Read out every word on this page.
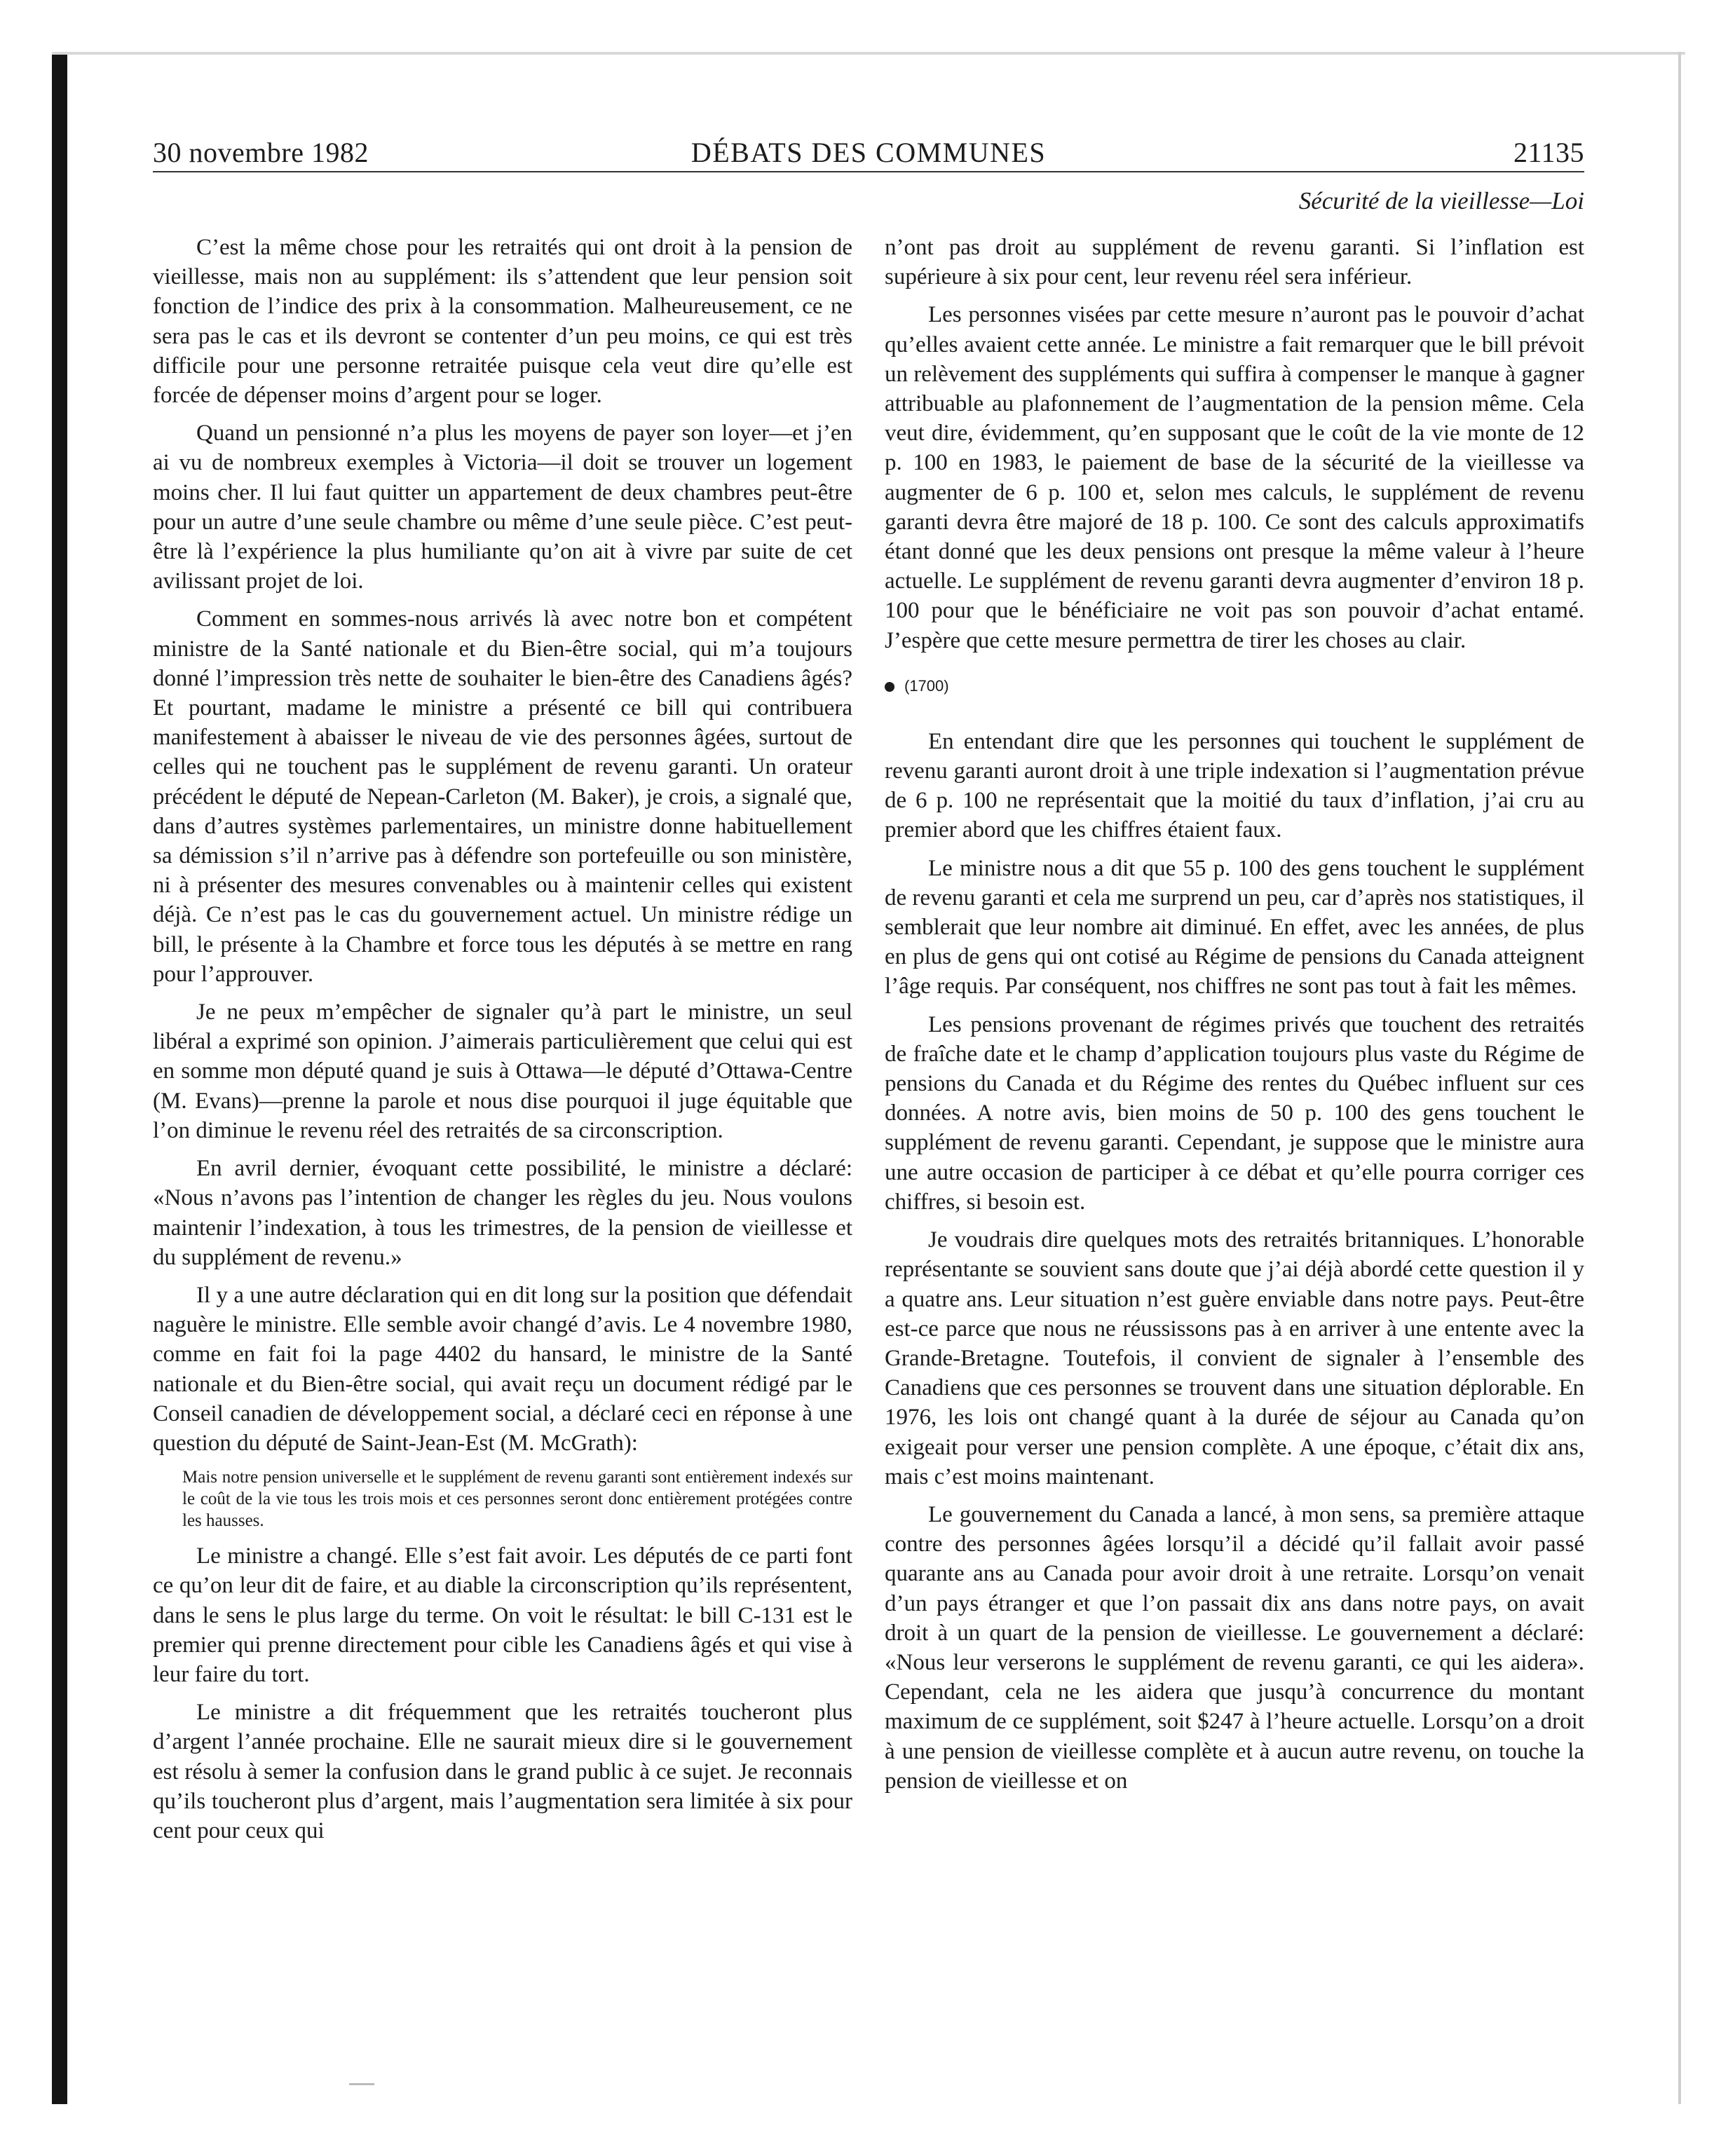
30 novembre 1982	DÉBATS DES COMMUNES	21135
Sécurité de la vieillesse—Loi

C’est la même chose pour les retraités qui ont droit à la pension de vieillesse, mais non au supplément: ils s’attendent que leur pension soit fonction de l’indice des prix à la consommation. Malheureusement, ce ne sera pas le cas et ils devront se contenter d’un peu moins, ce qui est très difficile pour une personne retraitée puisque cela veut dire qu’elle est forcée de dépenser moins d’argent pour se loger.

Quand un pensionné n’a plus les moyens de payer son loyer—et j’en ai vu de nombreux exemples à Victoria—il doit se trouver un logement moins cher. Il lui faut quitter un appartement de deux chambres peut-être pour un autre d’une seule chambre ou même d’une seule pièce. C’est peut-être là l’expérience la plus humiliante qu’on ait à vivre par suite de cet avilissant projet de loi.

Comment en sommes-nous arrivés là avec notre bon et compétent ministre de la Santé nationale et du Bien-être social, qui m’a toujours donné l’impression très nette de souhaiter le bien-être des Canadiens âgés? Et pourtant, madame le ministre a présenté ce bill qui contribuera manifestement à abaisser le niveau de vie des personnes âgées, surtout de celles qui ne touchent pas le supplément de revenu garanti. Un orateur précédent le député de Nepean-Carleton (M. Baker), je crois, a signalé que, dans d’autres systèmes parlementaires, un ministre donne habituellement sa démission s’il n’arrive pas à défendre son portefeuille ou son ministère, ni à présenter des mesures convenables ou à maintenir celles qui existent déjà. Ce n’est pas le cas du gouvernement actuel. Un ministre rédige un bill, le présente à la Chambre et force tous les députés à se mettre en rang pour l’approuver.

Je ne peux m’empêcher de signaler qu’à part le ministre, un seul libéral a exprimé son opinion. J’aimerais particulièrement que celui qui est en somme mon député quand je suis à Ottawa—le député d’Ottawa-Centre (M. Evans)—prenne la parole et nous dise pourquoi il juge équitable que l’on diminue le revenu réel des retraités de sa circonscription.

En avril dernier, évoquant cette possibilité, le ministre a déclaré: «Nous n’avons pas l’intention de changer les règles du jeu. Nous voulons maintenir l’indexation, à tous les trimestres, de la pension de vieillesse et du supplément de revenu.»

Il y a une autre déclaration qui en dit long sur la position que défendait naguère le ministre. Elle semble avoir changé d’avis. Le 4 novembre 1980, comme en fait foi la page 4402 du hansard, le ministre de la Santé nationale et du Bien-être social, qui avait reçu un document rédigé par le Conseil canadien de développement social, a déclaré ceci en réponse à une question du député de Saint-Jean-Est (M. McGrath):

Mais notre pension universelle et le supplément de revenu garanti sont entièrement indexés sur le coût de la vie tous les trois mois et ces personnes seront donc entièrement protégées contre les hausses.

Le ministre a changé. Elle s’est fait avoir. Les députés de ce parti font ce qu’on leur dit de faire, et au diable la circonscription qu’ils représentent, dans le sens le plus large du terme. On voit le résultat: le bill C-131 est le premier qui prenne directement pour cible les Canadiens âgés et qui vise à leur faire du tort.

Le ministre a dit fréquemment que les retraités toucheront plus d’argent l’année prochaine. Elle ne saurait mieux dire si le gouvernement est résolu à semer la confusion dans le grand public à ce sujet. Je reconnais qu’ils toucheront plus d’argent, mais l’augmentation sera limitée à six pour cent pour ceux qui

n’ont pas droit au supplément de revenu garanti. Si l’inflation est supérieure à six pour cent, leur revenu réel sera inférieur.

Les personnes visées par cette mesure n’auront pas le pouvoir d’achat qu’elles avaient cette année. Le ministre a fait remarquer que le bill prévoit un relèvement des suppléments qui suffira à compenser le manque à gagner attribuable au plafonnement de l’augmentation de la pension même. Cela veut dire, évidemment, qu’en supposant que le coût de la vie monte de 12 p. 100 en 1983, le paiement de base de la sécurité de la vieillesse va augmenter de 6 p. 100 et, selon mes calculs, le supplément de revenu garanti devra être majoré de 18 p. 100. Ce sont des calculs approximatifs étant donné que les deux pensions ont presque la même valeur à l’heure actuelle. Le supplément de revenu garanti devra augmenter d’environ 18 p. 100 pour que le bénéficiaire ne voit pas son pouvoir d’achat entamé. J’espère que cette mesure permettra de tirer les choses au clair.

(1700)

En entendant dire que les personnes qui touchent le supplément de revenu garanti auront droit à une triple indexation si l’augmentation prévue de 6 p. 100 ne représentait que la moitié du taux d’inflation, j’ai cru au premier abord que les chiffres étaient faux.

Le ministre nous a dit que 55 p. 100 des gens touchent le supplément de revenu garanti et cela me surprend un peu, car d’après nos statistiques, il semblerait que leur nombre ait diminué. En effet, avec les années, de plus en plus de gens qui ont cotisé au Régime de pensions du Canada atteignent l’âge requis. Par conséquent, nos chiffres ne sont pas tout à fait les mêmes.

Les pensions provenant de régimes privés que touchent des retraités de fraîche date et le champ d’application toujours plus vaste du Régime de pensions du Canada et du Régime des rentes du Québec influent sur ces données. A notre avis, bien moins de 50 p. 100 des gens touchent le supplément de revenu garanti. Cependant, je suppose que le ministre aura une autre occasion de participer à ce débat et qu’elle pourra corriger ces chiffres, si besoin est.

Je voudrais dire quelques mots des retraités britanniques. L’honorable représentante se souvient sans doute que j’ai déjà abordé cette question il y a quatre ans. Leur situation n’est guère enviable dans notre pays. Peut-être est-ce parce que nous ne réussissons pas à en arriver à une entente avec la Grande-Bretagne. Toutefois, il convient de signaler à l’ensemble des Canadiens que ces personnes se trouvent dans une situation déplorable. En 1976, les lois ont changé quant à la durée de séjour au Canada qu’on exigeait pour verser une pension complète. A une époque, c’était dix ans, mais c’est moins maintenant.

Le gouvernement du Canada a lancé, à mon sens, sa première attaque contre des personnes âgées lorsqu’il a décidé qu’il fallait avoir passé quarante ans au Canada pour avoir droit à une retraite. Lorsqu’on venait d’un pays étranger et que l’on passait dix ans dans notre pays, on avait droit à un quart de la pension de vieillesse. Le gouvernement a déclaré: «Nous leur verserons le supplément de revenu garanti, ce qui les aidera». Cependant, cela ne les aidera que jusqu’à concurrence du montant maximum de ce supplément, soit $247 à l’heure actuelle. Lorsqu’on a droit à une pension de vieillesse complète et à aucun autre revenu, on touche la pension de vieillesse et on
